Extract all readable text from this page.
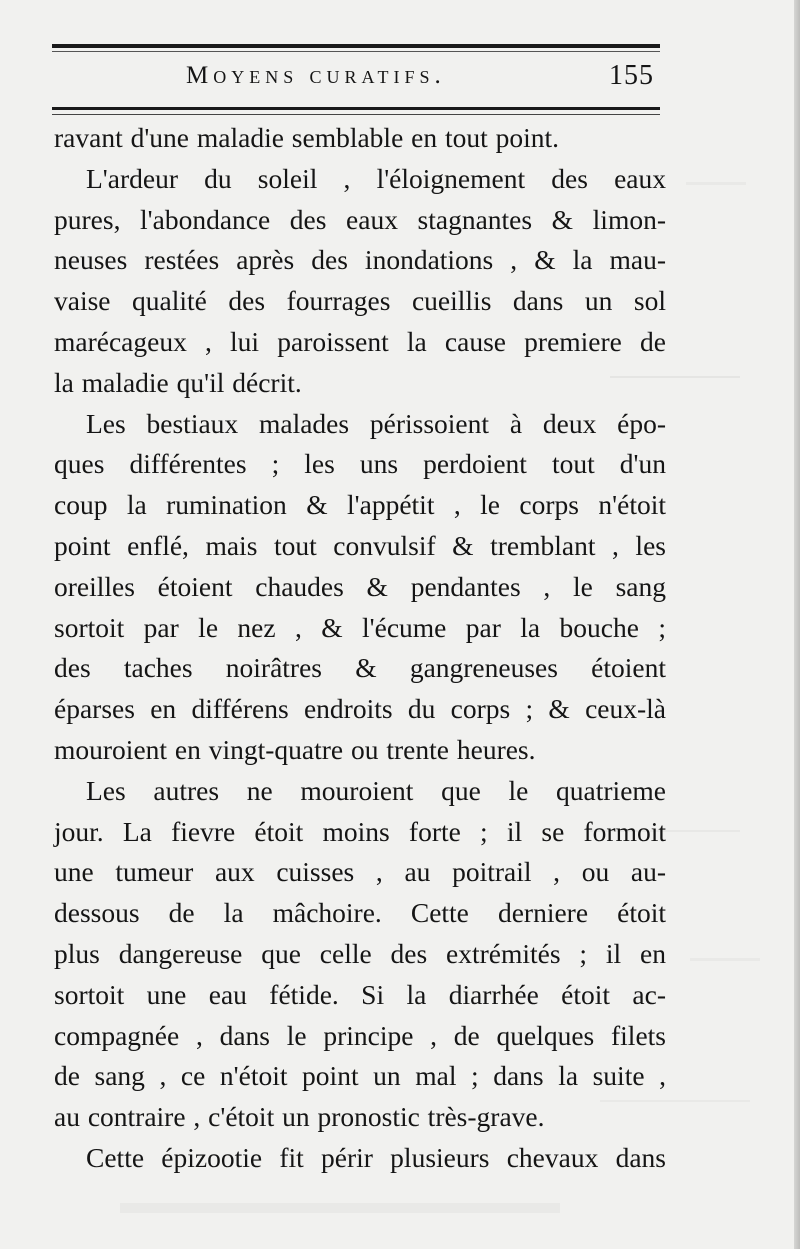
Moyens curatifs.	155
ravant d'une maladie semblable en tout point.
L'ardeur du soleil , l'éloignement des eaux
pures, l'abondance des eaux stagnantes & limon-
neuses restées après des inondations , & la mau-
vaise qualité des fourrages cueillis dans un sol
marécageux , lui paroissent la cause premiere de
la maladie qu'il décrit.
Les bestiaux malades périssoient à deux épo-
ques différentes ; les uns perdoient tout d'un
coup la rumination & l'appétit , le corps n'étoit
point enflé, mais tout convulsif & tremblant , les
oreilles étoient chaudes & pendantes , le sang
sortoit par le nez , & l'écume par la bouche ;
des taches noirâtres & gangreneuses étoient
éparses en différens endroits du corps ; & ceux-là
mouroient en vingt-quatre ou trente heures.
Les autres ne mouroient que le quatrieme
jour. La fievre étoit moins forte ; il se formoit
une tumeur aux cuisses , au poitrail , ou au-
dessous de la mâchoire. Cette derniere étoit
plus dangereuse que celle des extrémités ; il en
sortoit une eau fétide. Si la diarrhée étoit ac-
compagnée , dans le principe , de quelques filets
de sang , ce n'étoit point un mal ; dans la suite ,
au contraire , c'étoit un pronostic très-grave.
Cette épizootie fit périr plusieurs chevaux dans
